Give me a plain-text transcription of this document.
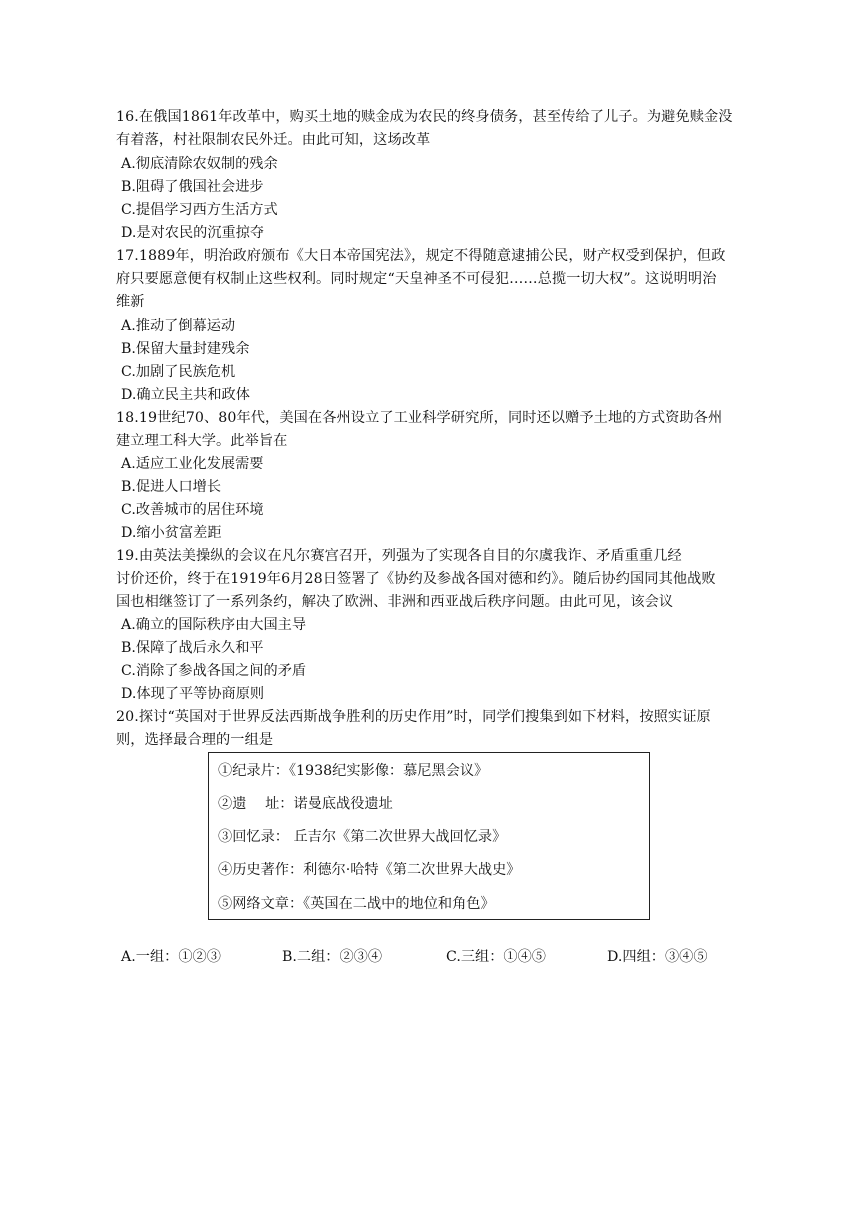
16.在俄国1861年改革中，购买土地的赎金成为农民的终身债务，甚至传给了儿子。为避免赎金没
有着落，村社限制农民外迁。由此可知，这场改革
A.彻底清除农奴制的残余
B.阻碍了俄国社会进步
C.提倡学习西方生活方式
D.是对农民的沉重掠夺
17.1889年，明治政府颁布《大日本帝国宪法》，规定不得随意逮捕公民，财产权受到保护，但政
府只要愿意便有权制止这些权利。同时规定“天皇神圣不可侵犯……总揽一切大权”。这说明明治
维新
A.推动了倒幕运动
B.保留大量封建残余
C.加剧了民族危机
D.确立民主共和政体
18.19世纪70、80年代，美国在各州设立了工业科学研究所，同时还以赠予土地的方式资助各州
建立理工科大学。此举旨在
A.适应工业化发展需要
B.促进人口增长
C.改善城市的居住环境
D.缩小贫富差距
19.由英法美操纵的会议在凡尔赛宫召开，列强为了实现各自目的尔虞我诈、矛盾重重几经
讨价还价，终于在1919年6月28日签署了《协约及参战各国对德和约》。随后协约国同其他战败
国也相继签订了一系列条约，解决了欧洲、非洲和西亚战后秩序问题。由此可见，该会议
A.确立的国际秩序由大国主导
B.保障了战后永久和平
C.消除了参战各国之间的矛盾
D.体现了平等协商原则
20.探讨“英国对于世界反法西斯战争胜利的历史作用”时，同学们搜集到如下材料，按照实证原
则，选择最合理的一组是
①纪录片：《1938纪实影像：慕尼黑会议》
②遗　 址：诺曼底战役遗址
③回忆录： 丘吉尔《第二次世界大战回忆录》
④历史著作：利德尔·哈特《第二次世界大战史》
⑤网络文章：《英国在二战中的地位和角色》
A.一组：①②③	B.二组：②③④	C.三组：①④⑤	D.四组：③④⑤
